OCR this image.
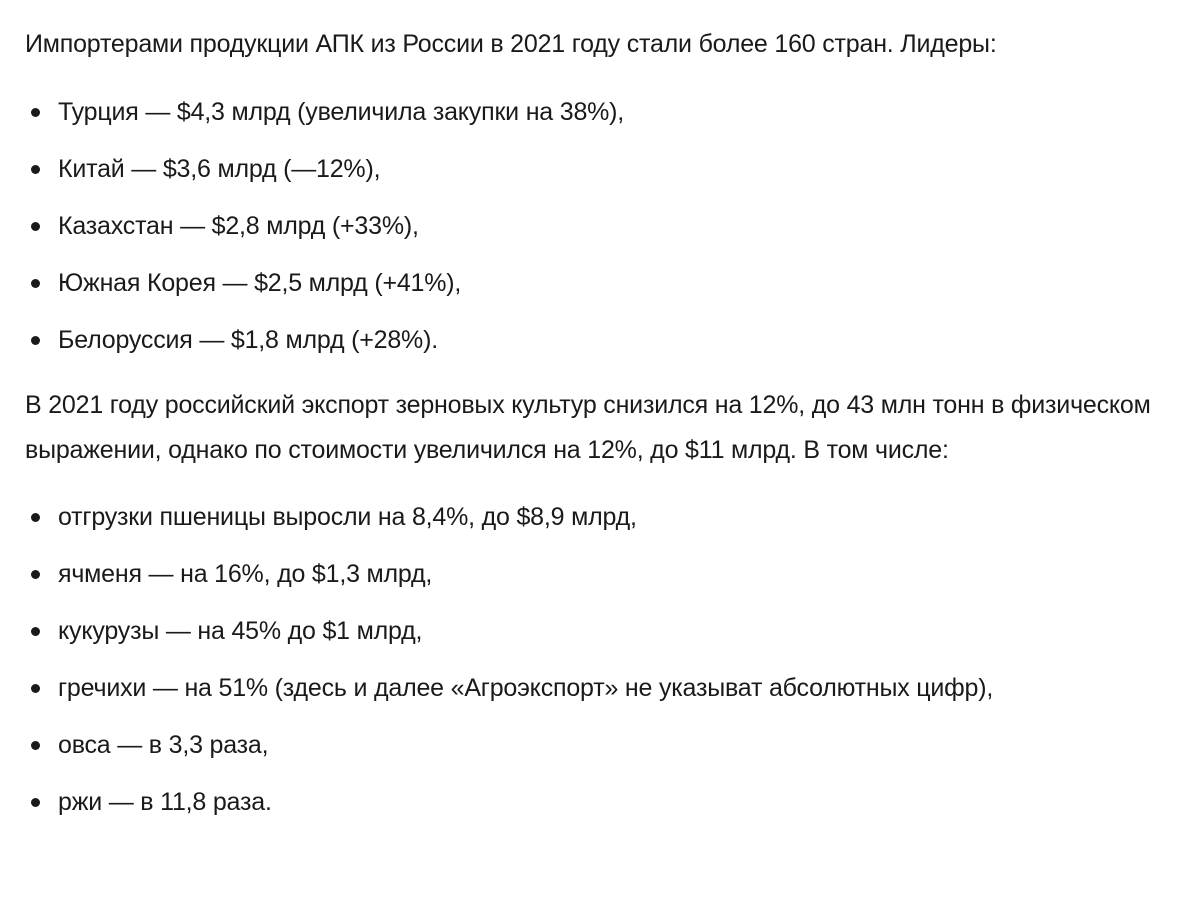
Импортерами продукции АПК из России в 2021 году стали более 160 стран. Лидеры:

Турция — $4,3 млрд (увеличила закупки на 38%),
Китай — $3,6 млрд (—12%),
Казахстан — $2,8 млрд (+33%),
Южная Корея — $2,5 млрд (+41%),
Белоруссия — $1,8 млрд (+28%).

В 2021 году российский экспорт зерновых культур снизился на 12%, до 43 млн тонн в физическом выражении, однако по стоимости увеличился на 12%, до $11 млрд. В том числе:

отгрузки пшеницы выросли на 8,4%, до $8,9 млрд,
ячменя — на 16%, до $1,3 млрд,
кукурузы — на 45% до $1 млрд,
гречихи — на 51% (здесь и далее «Агроэкспорт» не указыват абсолютных цифр),
овса — в 3,3 раза,
ржи — в 11,8 раза.
